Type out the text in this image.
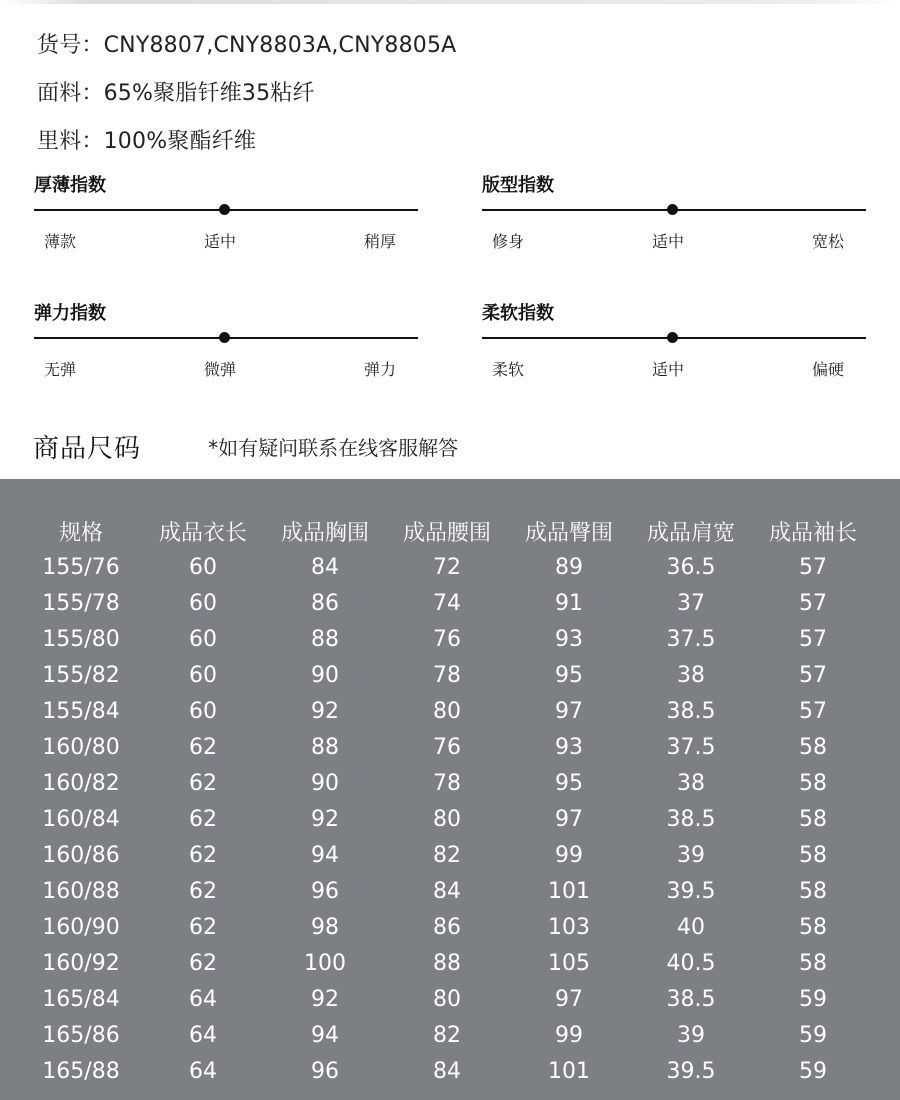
货号：CNY8807,CNY8803A,CNY8805A
面料：65%聚脂钎维35粘纤
里料：100%聚酯纤维
厚薄指数
薄款	适中	稍厚
版型指数
修身	适中	宽松
弹力指数
无弹	微弹	弹力
柔软指数
柔软	适中	偏硬
商品尺码	*如有疑问联系在线客服解答
规格	成品衣长	成品胸围	成品腰围	成品臀围	成品肩宽	成品袖长
155/76	60	84	72	89	36.5	57
155/78	60	86	74	91	37	57
155/80	60	88	76	93	37.5	57
155/82	60	90	78	95	38	57
155/84	60	92	80	97	38.5	57
160/80	62	88	76	93	37.5	58
160/82	62	90	78	95	38	58
160/84	62	92	80	97	38.5	58
160/86	62	94	82	99	39	58
160/88	62	96	84	101	39.5	58
160/90	62	98	86	103	40	58
160/92	62	100	88	105	40.5	58
165/84	64	92	80	97	38.5	59
165/86	64	94	82	99	39	59
165/88	64	96	84	101	39.5	59
